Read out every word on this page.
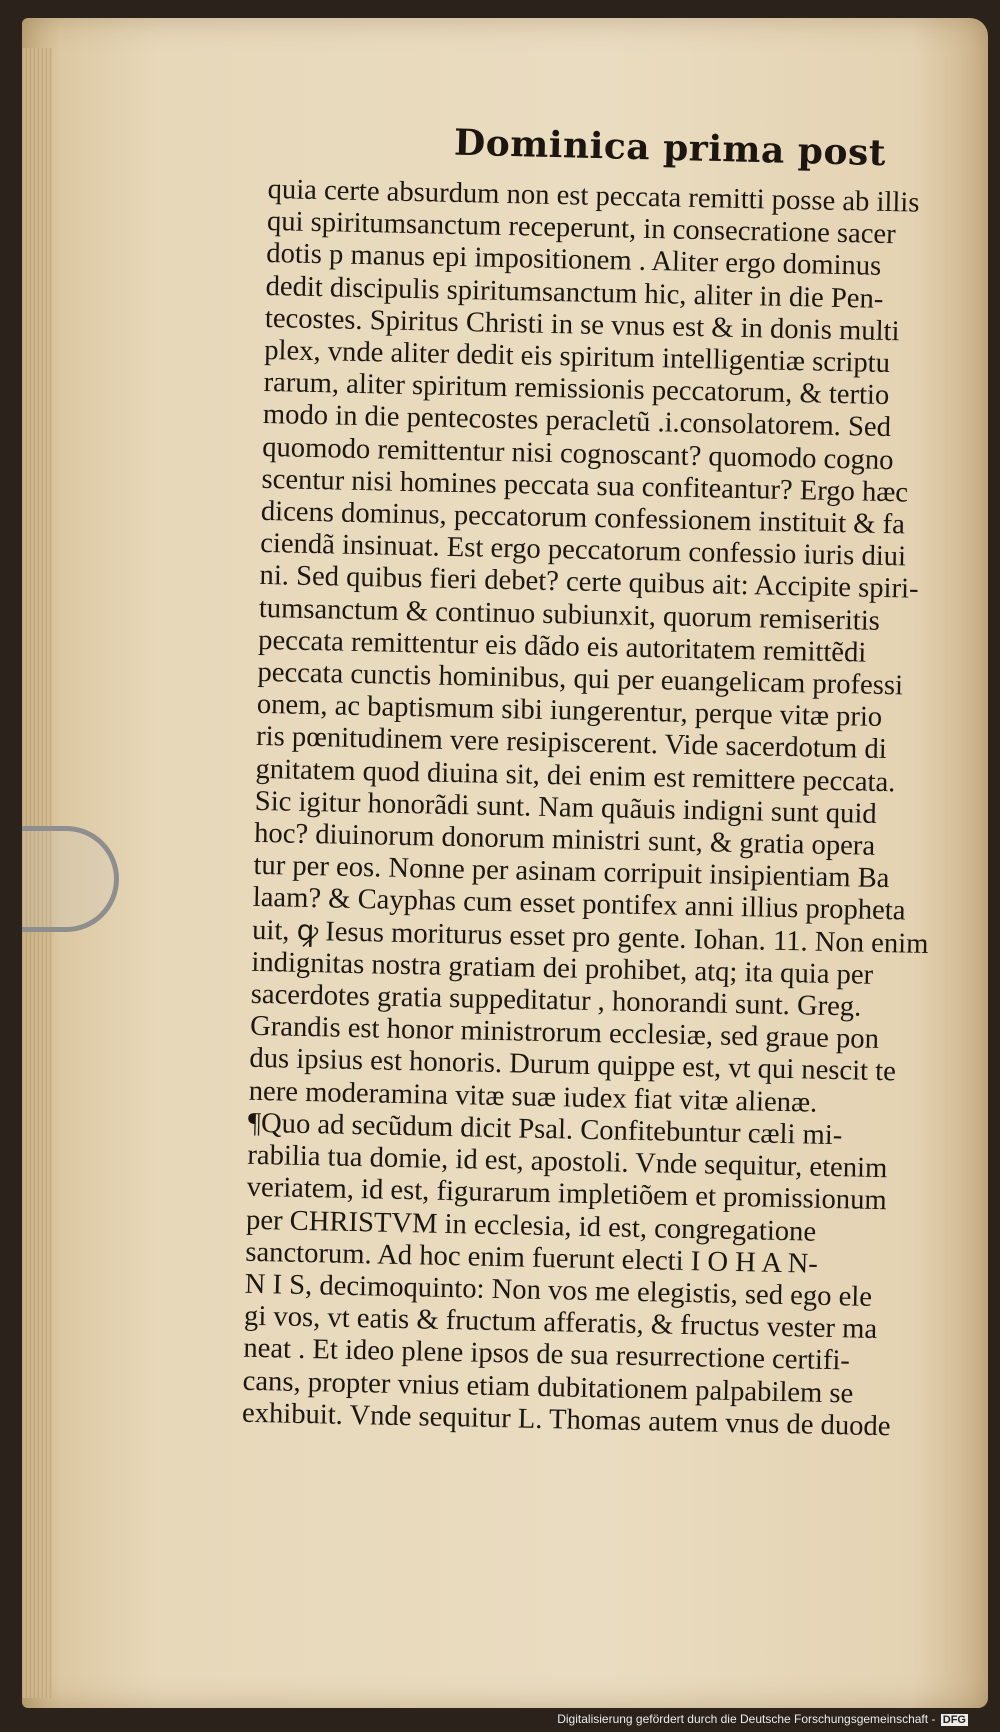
Dominica prima post
quia certe absurdum non est peccata remitti posse ab illis
qui spiritumsanctum receperunt, in consecratione sacer
dotis p manus epi impositionem . Aliter ergo dominus
dedit discipulis spiritumsanctum hic, aliter in die Pen-
tecostes. Spiritus Christi in se vnus est & in donis multi
plex, vnde aliter dedit eis spiritum intelligentiæ scriptu
rarum, aliter spiritum remissionis peccatorum, & tertio
modo in die pentecostes peracletũ .i.consolatorem. Sed
quomodo remittentur nisi cognoscant? quomodo cogno
scentur nisi homines peccata sua confiteantur? Ergo hæc
dicens dominus, peccatorum confessionem instituit & fa
ciendã insinuat. Est ergo peccatorum confessio iuris diui
ni. Sed quibus fieri debet? certe quibus ait: Accipite spiri-
tumsanctum & continuo subiunxit, quorum remiseritis
peccata remittentur eis dãdo eis autoritatem remittẽdi
peccata cunctis hominibus, qui per euangelicam professi
onem, ac baptismum sibi iungerentur, perque vitæ prio
ris pœnitudinem vere resipiscerent. Vide sacerdotum di
gnitatem quod diuina sit, dei enim est remittere peccata.
Sic igitur honorãdi sunt. Nam quãuis indigni sunt quid
hoc? diuinorum donorum ministri sunt, & gratia opera
tur per eos. Nonne per asinam corripuit insipientiam Ba
laam? & Cayphas cum esset pontifex anni illius propheta
uit, ꝙ Iesus moriturus esset pro gente. Iohan. 11. Non enim
indignitas nostra gratiam dei prohibet, atq; ita quia per
sacerdotes gratia suppeditatur , honorandi sunt. Greg.
Grandis est honor ministrorum ecclesiæ, sed graue pon
dus ipsius est honoris. Durum quippe est, vt qui nescit te
nere moderamina vitæ suæ iudex fiat vitæ alienæ.
¶Quo ad secũdum dicit Psal. Confitebuntur cæli mi-
rabilia tua domie, id est, apostoli. Vnde sequitur, etenim
veriatem, id est, figurarum impletiõem et promissionum
per CHRISTVM in ecclesia, id est, congregatione
sanctorum. Ad hoc enim fuerunt electi I O H A N-
N I S, decimoquinto: Non vos me elegistis, sed ego ele
gi vos, vt eatis & fructum afferatis, & fructus vester ma
neat . Et ideo plene ipsos de sua resurrectione certifi-
cans, propter vnius etiam dubitationem palpabilem se
exhibuit. Vnde sequitur L. Thomas autem vnus de duode
Digitalisierung gefördert durch die Deutsche Forschungsgemeinschaft - DFG
